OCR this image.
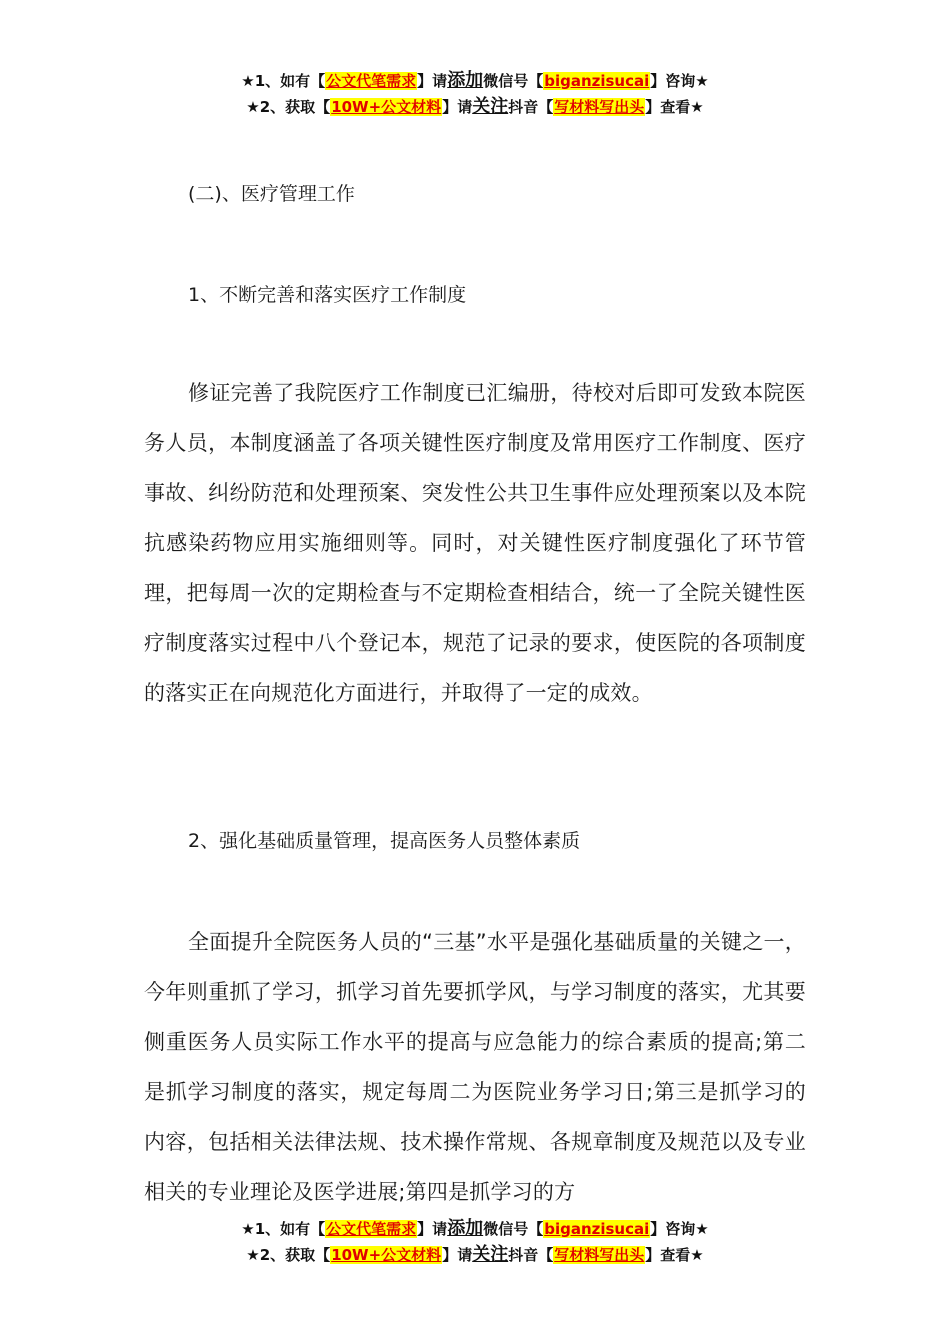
★1、如有【公文代笔需求】请添加微信号【biganzisucai】咨询★
★2、获取【10W+公文材料】请关注抖音【写材料写出头】查看★
(二)、医疗管理工作
1、不断完善和落实医疗工作制度
修证完善了我院医疗工作制度已汇编册，待校对后即可发致本院医务人员，本制度涵盖了各项关键性医疗制度及常用医疗工作制度、医疗事故、纠纷防范和处理预案、突发性公共卫生事件应处理预案以及本院抗感染药物应用实施细则等。同时，对关键性医疗制度强化了环节管理，把每周一次的定期检查与不定期检查相结合，统一了全院关键性医疗制度落实过程中八个登记本，规范了记录的要求，使医院的各项制度的落实正在向规范化方面进行，并取得了一定的成效。
2、强化基础质量管理，提高医务人员整体素质
全面提升全院医务人员的“三基”水平是强化基础质量的关键之一，今年则重抓了学习，抓学习首先要抓学风，与学习制度的落实，尤其要侧重医务人员实际工作水平的提高与应急能力的综合素质的提高;第二是抓学习制度的落实，规定每周二为医院业务学习日;第三是抓学习的内容，包括相关法律法规、技术操作常规、各规章制度及规范以及专业相关的专业理论及医学进展;第四是抓学习的方
★1、如有【公文代笔需求】请添加微信号【biganzisucai】咨询★
★2、获取【10W+公文材料】请关注抖音【写材料写出头】查看★
